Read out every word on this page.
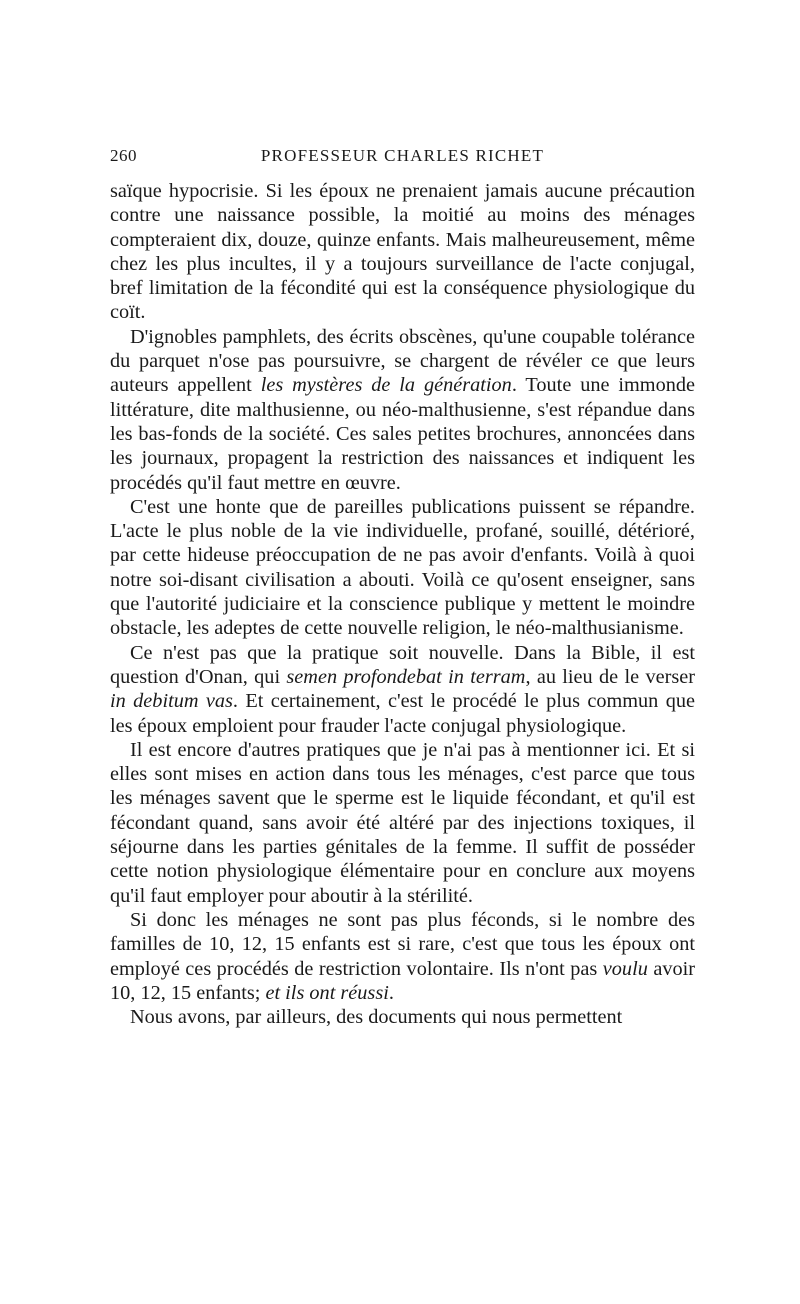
260	PROFESSEUR CHARLES RICHET

saïque hypocrisie. Si les époux ne prenaient jamais aucune précaution contre une naissance possible, la moitié au moins des ménages compteraient dix, douze, quinze enfants. Mais malheureusement, même chez les plus incultes, il y a toujours surveillance de l'acte conjugal, bref limitation de la fécondité qui est la conséquence physiologique du coït.

D'ignobles pamphlets, des écrits obscènes, qu'une coupable tolérance du parquet n'ose pas poursuivre, se chargent de révéler ce que leurs auteurs appellent les mystères de la génération. Toute une immonde littérature, dite malthusienne, ou néo-malthusienne, s'est répandue dans les bas-fonds de la société. Ces sales petites brochures, annoncées dans les journaux, propagent la restriction des naissances et indiquent les procédés qu'il faut mettre en œuvre.

C'est une honte que de pareilles publications puissent se répandre. L'acte le plus noble de la vie individuelle, profané, souillé, détérioré, par cette hideuse préoccupation de ne pas avoir d'enfants. Voilà à quoi notre soi-disant civilisation a abouti. Voilà ce qu'osent enseigner, sans que l'autorité judiciaire et la conscience publique y mettent le moindre obstacle, les adeptes de cette nouvelle religion, le néo-malthusianisme.

Ce n'est pas que la pratique soit nouvelle. Dans la Bible, il est question d'Onan, qui semen profondebat in terram, au lieu de le verser in debitum vas. Et certainement, c'est le procédé le plus commun que les époux emploient pour frauder l'acte conjugal physiologique.

Il est encore d'autres pratiques que je n'ai pas à mentionner ici. Et si elles sont mises en action dans tous les ménages, c'est parce que tous les ménages savent que le sperme est le liquide fécondant, et qu'il est fécondant quand, sans avoir été altéré par des injections toxiques, il séjourne dans les parties génitales de la femme. Il suffit de posséder cette notion physiologique élémentaire pour en conclure aux moyens qu'il faut employer pour aboutir à la stérilité.

Si donc les ménages ne sont pas plus féconds, si le nombre des familles de 10, 12, 15 enfants est si rare, c'est que tous les époux ont employé ces procédés de restriction volontaire. Ils n'ont pas voulu avoir 10, 12, 15 enfants; et ils ont réussi.

Nous avons, par ailleurs, des documents qui nous permettent
